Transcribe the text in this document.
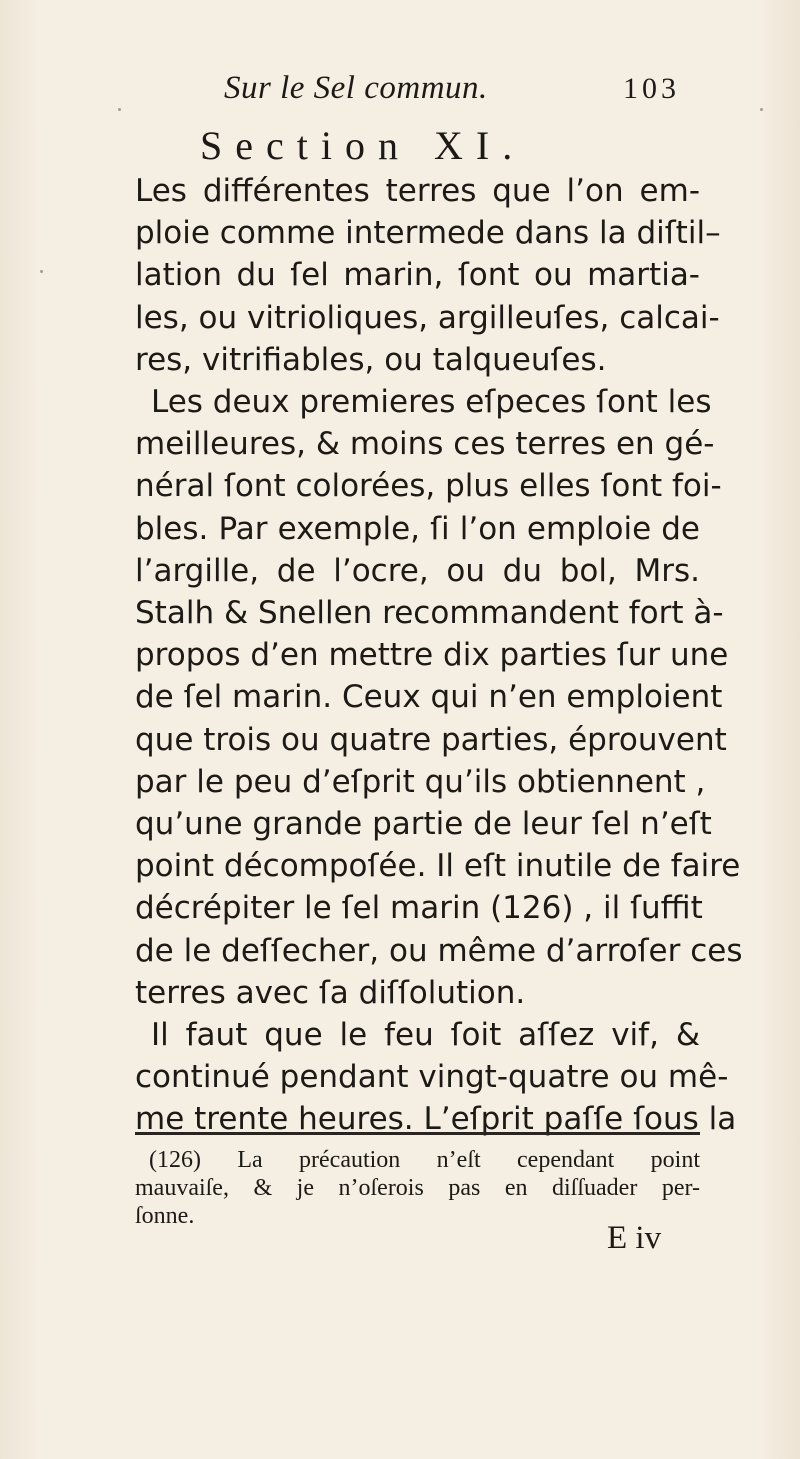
Sur le Sel commun.	103
Section XI.
Les différentes terres que l’on em-
ploie comme intermede dans la diſtil–
lation du ſel marin, ſont ou martia-
les, ou vitrioliques, argilleuſes, calcai-
res, vitrifiables, ou talqueuſes.
Les deux premieres eſpeces ſont les
meilleures, & moins ces terres en gé-
néral ſont colorées, plus elles ſont foi-
bles. Par exemple, ſi l’on emploie de
l’argille, de l’ocre, ou du bol, Mrs.
Stalh & Snellen recommandent fort à-
propos d’en mettre dix parties ſur une
de ſel marin. Ceux qui n’en emploient
que trois ou quatre parties, éprouvent
par le peu d’eſprit qu’ils obtiennent ,
qu’une grande partie de leur ſel n’eſt
point décompoſée. Il eſt inutile de faire
décrépiter le ſel marin (126) , il ſuffit
de le deſſecher, ou même d’arroſer ces
terres avec ſa diſſolution.
Il faut que le feu ſoit aſſez vif, &
continué pendant vingt-quatre ou mê-
me trente heures. L’eſprit paſſe ſous la
(126) La précaution n’eſt cependant point
mauvaiſe, & je n’oſerois pas en diſſuader per-
ſonne.
E iv
